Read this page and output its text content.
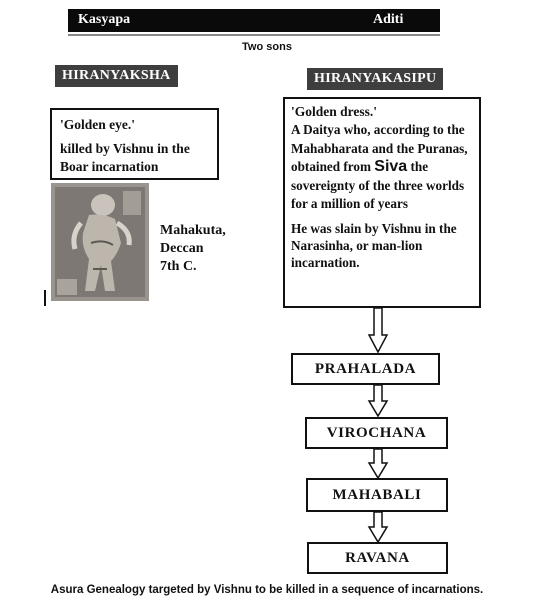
Kasyapa	Aditi
Two sons
HIRANYAKSHA

'Golden eye.'

killed by Vishnu in the Boar incarnation

Mahakuta,
Deccan
7th C.
HIRANYAKASIPU

'Golden dress.'

A Daitya who, according to the Mahabharata and the Puranas, obtained from Siva the sovereignty of the three worlds for a million of years

He was slain by Vishnu in the Narasinha, or man-lion incarnation.

PRAHALADA
VIROCHANA
MAHABALI
RAVANA
Asura Genealogy targeted by Vishnu to be killed in a sequence of incarnations.
